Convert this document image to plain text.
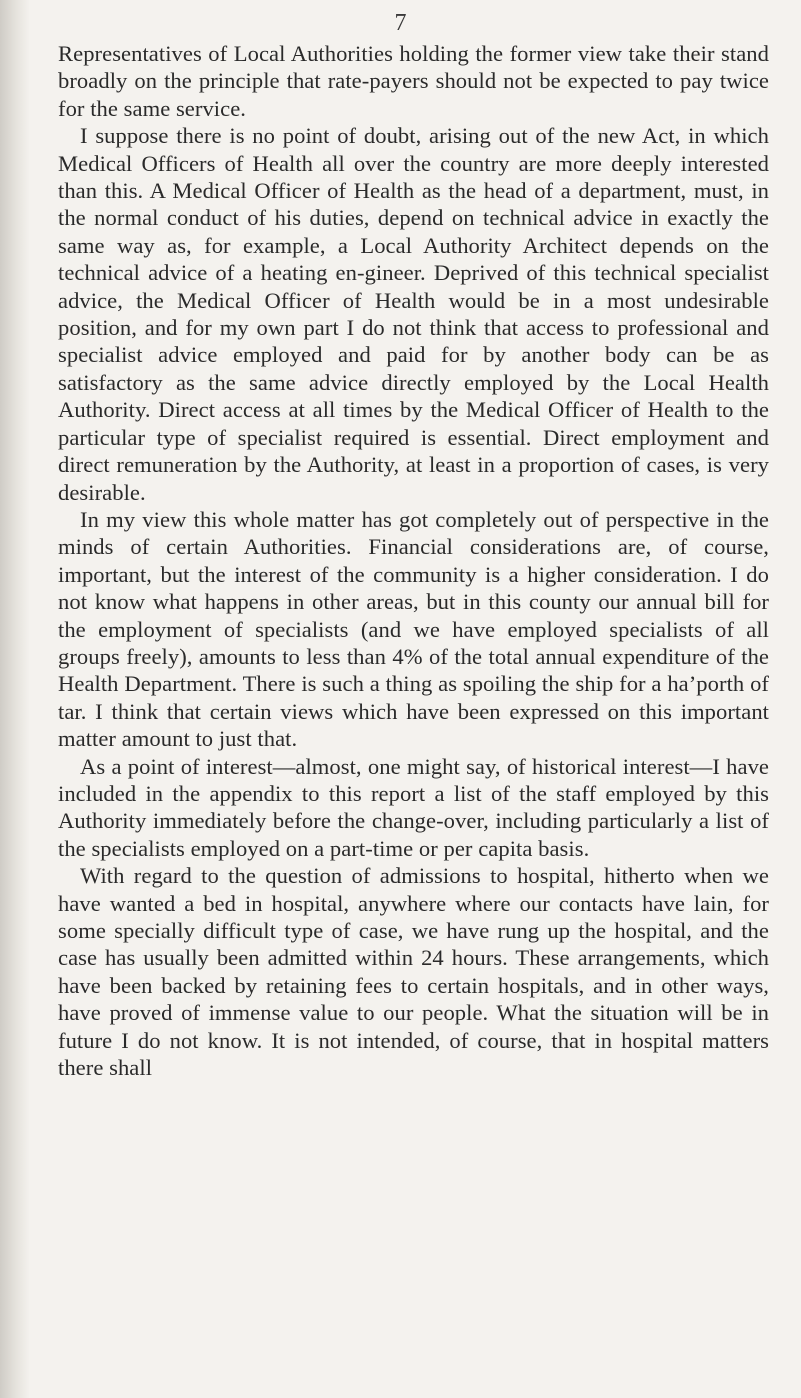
7

Representatives of Local Authorities holding the former view take their stand broadly on the principle that rate-payers should not be expected to pay twice for the same service.

I suppose there is no point of doubt, arising out of the new Act, in which Medical Officers of Health all over the country are more deeply interested than this. A Medical Officer of Health as the head of a department, must, in the normal conduct of his duties, depend on technical advice in exactly the same way as, for example, a Local Authority Architect depends on the technical advice of a heating en-gineer. Deprived of this technical specialist advice, the Medical Officer of Health would be in a most undesirable position, and for my own part I do not think that access to professional and specialist advice employed and paid for by another body can be as satisfactory as the same advice directly employed by the Local Health Authority. Direct access at all times by the Medical Officer of Health to the particular type of specialist required is essential. Direct employment and direct remuneration by the Authority, at least in a proportion of cases, is very desirable.

In my view this whole matter has got completely out of perspective in the minds of certain Authorities. Financial considerations are, of course, important, but the interest of the community is a higher consideration. I do not know what happens in other areas, but in this county our annual bill for the employment of specialists (and we have employed specialists of all groups freely), amounts to less than 4% of the total annual expenditure of the Health Department. There is such a thing as spoiling the ship for a ha’porth of tar. I think that certain views which have been expressed on this important matter amount to just that.

As a point of interest—almost, one might say, of historical interest—I have included in the appendix to this report a list of the staff employed by this Authority immediately before the change-over, including particularly a list of the specialists employed on a part-time or per capita basis.

With regard to the question of admissions to hospital, hitherto when we have wanted a bed in hospital, anywhere where our contacts have lain, for some specially difficult type of case, we have rung up the hospital, and the case has usually been admitted within 24 hours. These arrangements, which have been backed by retaining fees to certain hospitals, and in other ways, have proved of immense value to our people. What the situation will be in future I do not know. It is not intended, of course, that in hospital matters there shall
